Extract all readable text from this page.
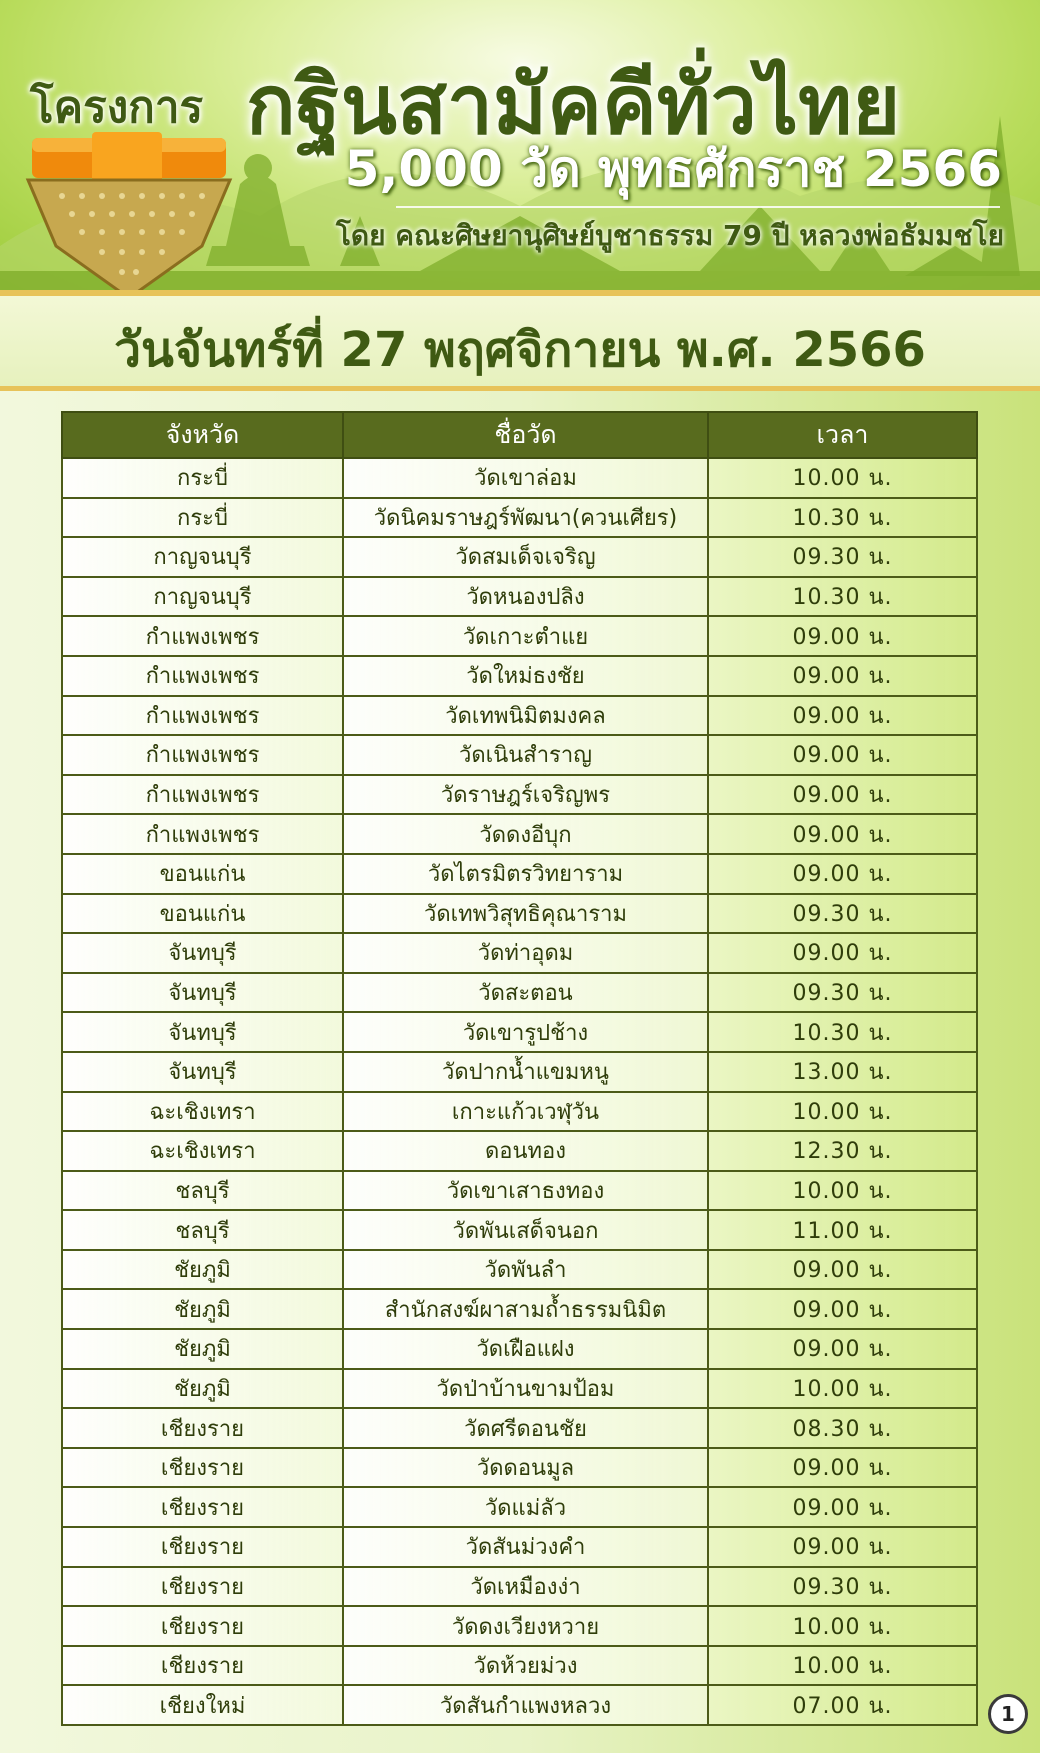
โครงการ กฐินสามัคคีทั่วไทย
5,000 วัด พุทธศักราช 2566
โดย คณะศิษยานุศิษย์บูชาธรรม 79 ปี หลวงพ่อธัมมชโย
วันจันทร์ที่ 27 พฤศจิกายน พ.ศ. 2566
จังหวัด	ชื่อวัด	เวลา
กระบี่	วัดเขาล่อม	10.00 น.
กระบี่	วัดนิคมราษฎร์พัฒนา(ควนเศียร)	10.30 น.
กาญจนบุรี	วัดสมเด็จเจริญ	09.30 น.
กาญจนบุรี	วัดหนองปลิง	10.30 น.
กำแพงเพชร	วัดเกาะตำแย	09.00 น.
กำแพงเพชร	วัดใหม่ธงชัย	09.00 น.
กำแพงเพชร	วัดเทพนิมิตมงคล	09.00 น.
กำแพงเพชร	วัดเนินสำราญ	09.00 น.
กำแพงเพชร	วัดราษฎร์เจริญพร	09.00 น.
กำแพงเพชร	วัดดงอีบุก	09.00 น.
ขอนแก่น	วัดไตรมิตรวิทยาราม	09.00 น.
ขอนแก่น	วัดเทพวิสุทธิคุณาราม	09.30 น.
จันทบุรี	วัดท่าอุดม	09.00 น.
จันทบุรี	วัดสะตอน	09.30 น.
จันทบุรี	วัดเขารูปช้าง	10.30 น.
จันทบุรี	วัดปากน้ำแขมหนู	13.00 น.
ฉะเชิงเทรา	เกาะแก้วเวฬุวัน	10.00 น.
ฉะเชิงเทรา	ดอนทอง	12.30 น.
ชลบุรี	วัดเขาเสาธงทอง	10.00 น.
ชลบุรี	วัดพันเสด็จนอก	11.00 น.
ชัยภูมิ	วัดพันลำ	09.00 น.
ชัยภูมิ	สำนักสงฆ์ผาสามถ้ำธรรมนิมิต	09.00 น.
ชัยภูมิ	วัดเฝือแฝง	09.00 น.
ชัยภูมิ	วัดป่าบ้านขามป้อม	10.00 น.
เชียงราย	วัดศรีดอนชัย	08.30 น.
เชียงราย	วัดดอนมูล	09.00 น.
เชียงราย	วัดแม่ลัว	09.00 น.
เชียงราย	วัดสันม่วงคำ	09.00 น.
เชียงราย	วัดเหมืองง่า	09.30 น.
เชียงราย	วัดดงเวียงหวาย	10.00 น.
เชียงราย	วัดห้วยม่วง	10.00 น.
เชียงใหม่	วัดสันกำแพงหลวง	07.00 น.	1
